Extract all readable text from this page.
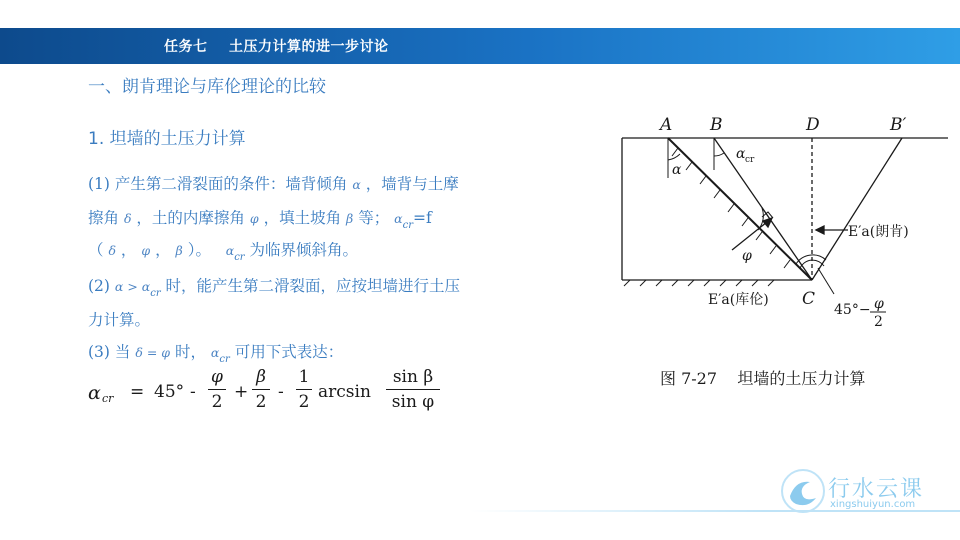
任务七    土压力计算的进一步讨论
一、朗肯理论与库伦理论的比较
1. 坦墙的土压力计算
(1) 产生第二滑裂面的条件：墙背倾角 α ，墙背与土摩
擦角 δ ，土的内摩擦角 φ ，填土坡角 β 等； $\alpha_{cr}=f$
（ δ ， φ ， β ）。 $\alpha_{cr}$ 为临界倾斜角。
(2) $\alpha > \alpha_{cr}$ 时，能产生第二滑裂面，应按坦墙进行土压
力计算。
(3) 当 δ = φ 时， $\alpha_{cr}$ 可用下式表达：
α cr = 45° -
φ
2 +
β
2 -
1
2 arcsin
sin β
sin φ
A B	D	B′
C
α
α cr
φ
E′a(朗肯)
E′a(库伦)
45°− φ
2
图 7-27    坦墙的土压力计算
行水云课
xingshuiyun.com
